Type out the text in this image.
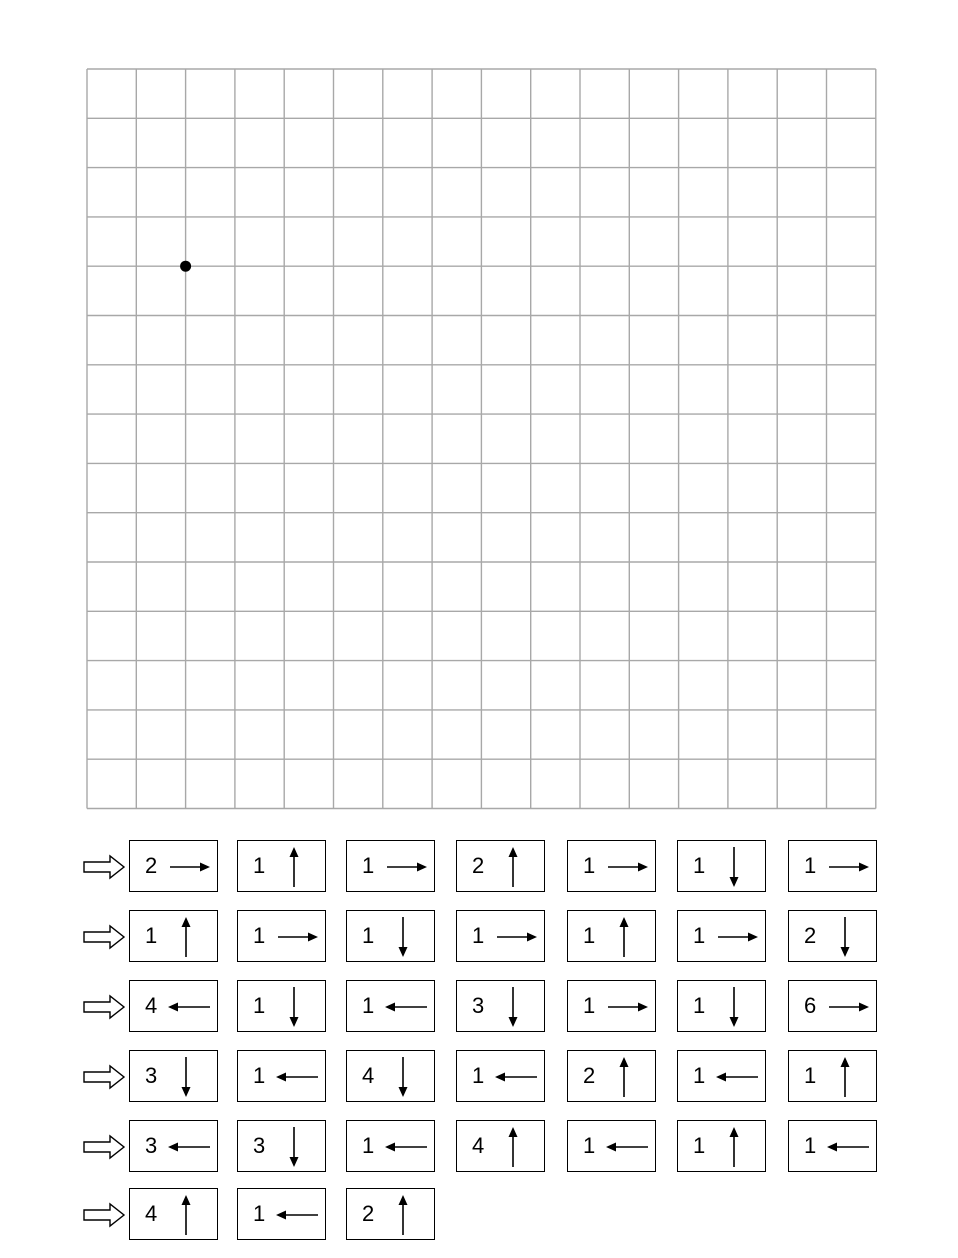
2	1	1	2	1	1	1
1	1	1	1	1	1	2
4	1	1	3	1	1	6
3	1	4	1	2	1	1
3	3	1	4	1	1	1
4	1	2
